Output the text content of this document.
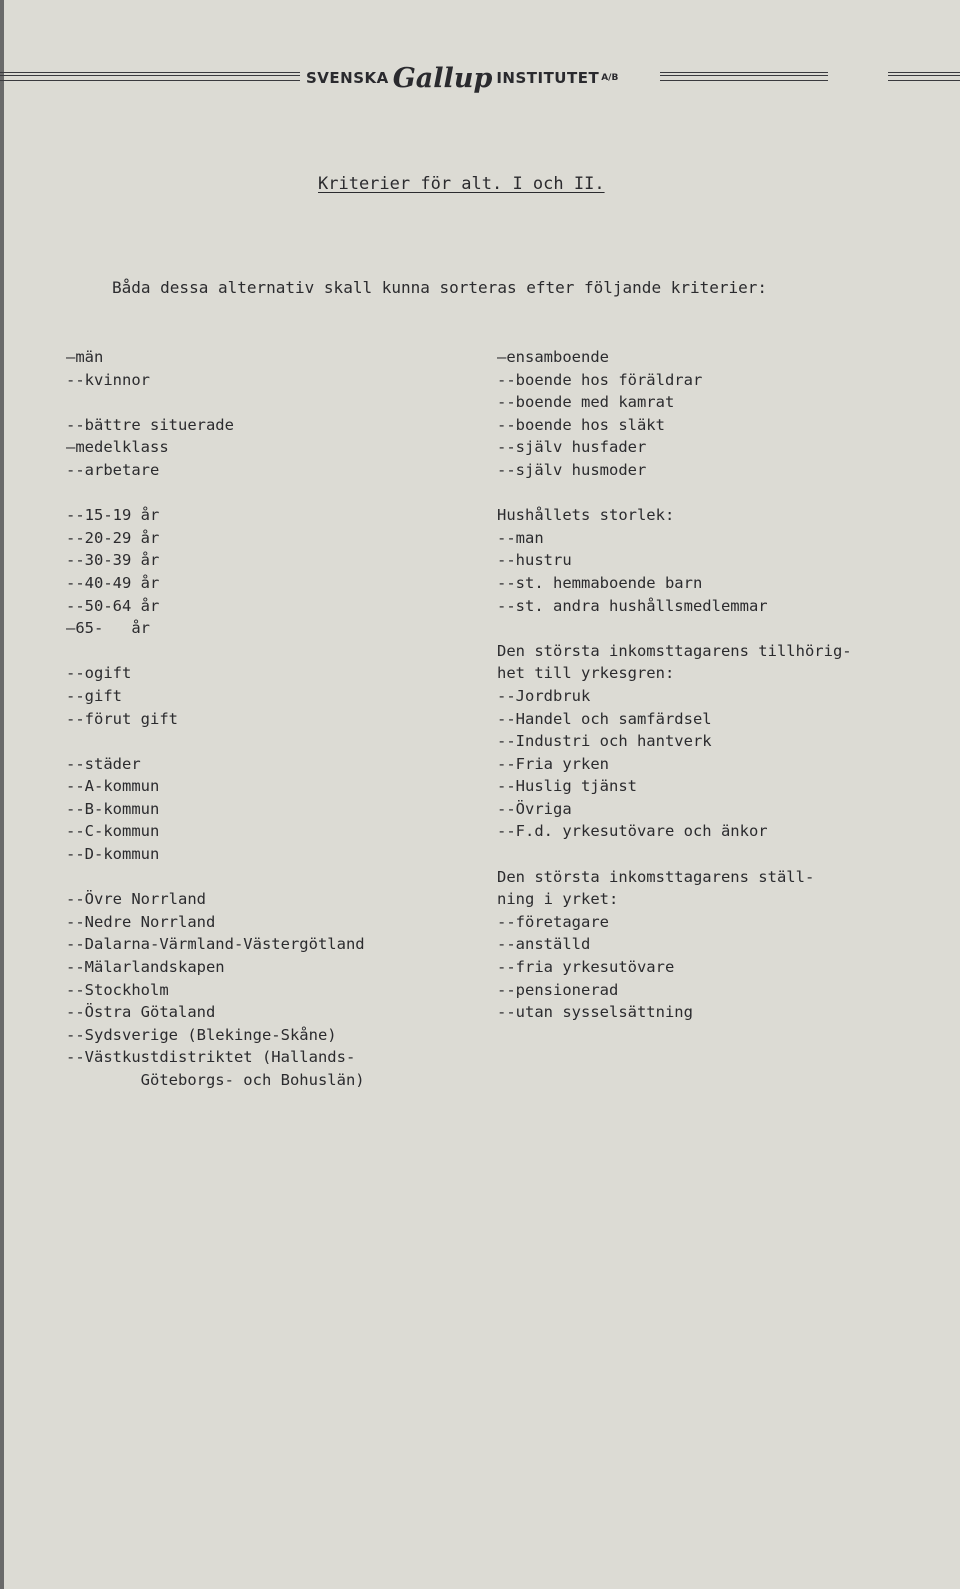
SVENSKA Gallup INSTITUTET A/B
Kriterier för alt. I och II.
Båda dessa alternativ skall kunna sorteras efter följande kriterier:
—män
--kvinnor
--bättre situerade
—medelklass
--arbetare
--15-19 år
--20-29 år
--30-39 år
--40-49 år
--50-64 år
—65-   år
--ogift
--gift
--förut gift
--städer
--A-kommun
--B-kommun
--C-kommun
--D-kommun
--Övre Norrland
--Nedre Norrland
--Dalarna-Värmland-Västergötland
--Mälarlandskapen
--Stockholm
--Östra Götaland
--Sydsverige (Blekinge-Skåne)
--Västkustdistriktet (Hallands-
Göteborgs- och Bohuslän)
—ensamboende
--boende hos föräldrar
--boende med kamrat
--boende hos släkt
--själv husfader
--själv husmoder
Hushållets storlek:
--man
--hustru
--st. hemmaboende barn
--st. andra hushållsmedlemmar
Den största inkomsttagarens tillhörig-
het till yrkesgren:
--Jordbruk
--Handel och samfärdsel
--Industri och hantverk
--Fria yrken
--Huslig tjänst
--Övriga
--F.d. yrkesutövare och änkor
Den största inkomsttagarens ställ-
ning i yrket:
--företagare
--anställd
--fria yrkesutövare
--pensionerad
--utan sysselsättning
